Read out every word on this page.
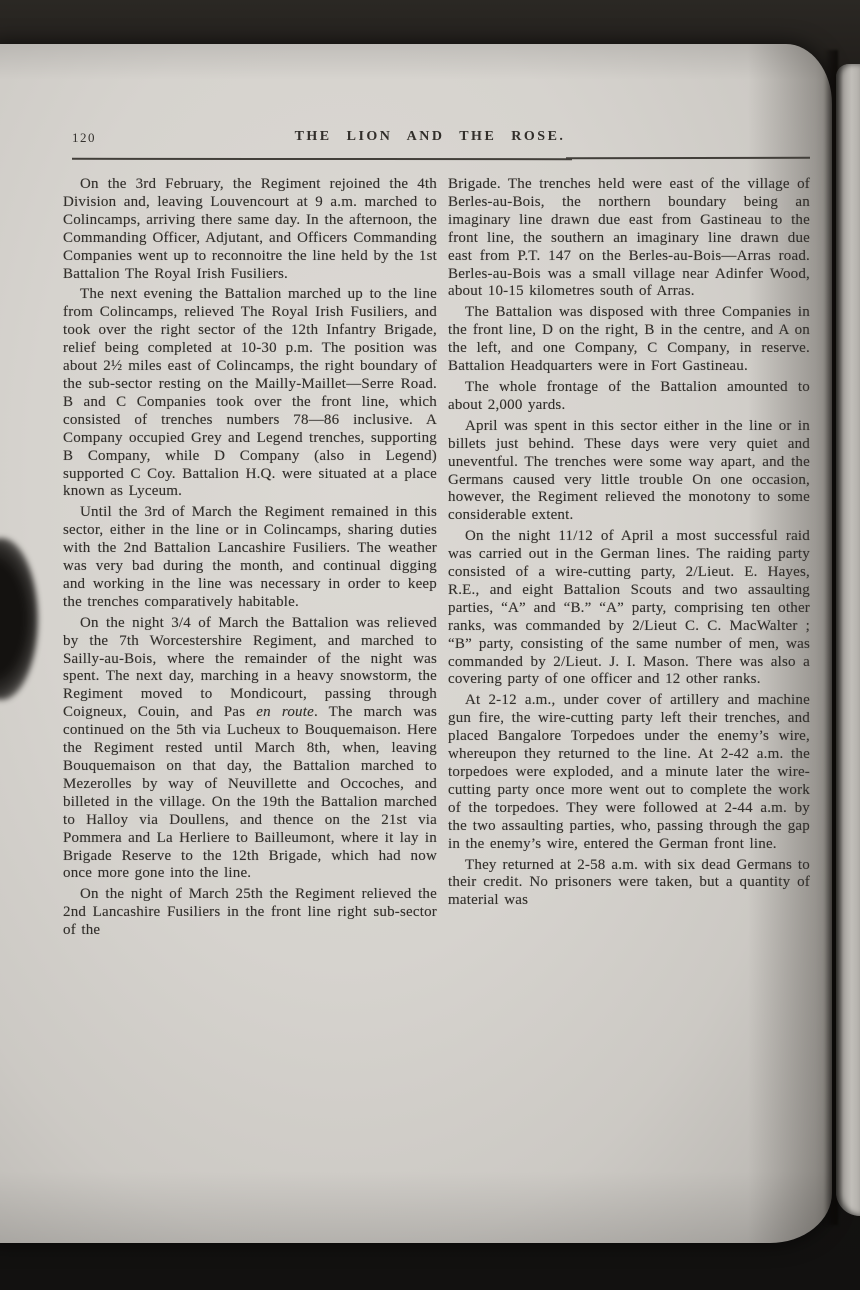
120	THE LION AND THE ROSE.

On the 3rd February, the Regiment rejoined the 4th Division and, leaving Louvencourt at 9 a.m. marched to Colincamps, arriving there same day. In the afternoon, the Commanding Officer, Adjutant, and Officers Commanding Companies went up to reconnoitre the line held by the 1st Battalion The Royal Irish Fusiliers.

The next evening the Battalion marched up to the line from Colincamps, relieved The Royal Irish Fusiliers, and took over the right sector of the 12th Infantry Brigade, relief being completed at 10-30 p.m. The position was about 2½ miles east of Colincamps, the right boundary of the sub-sector resting on the Mailly-Maillet—Serre Road. B and C Companies took over the front line, which consisted of trenches numbers 78—86 inclusive. A Company occupied Grey and Legend trenches, supporting B Company, while D Company (also in Legend) supported C Coy. Battalion H.Q. were situated at a place known as Lyceum.

Until the 3rd of March the Regiment remained in this sector, either in the line or in Colincamps, sharing duties with the 2nd Battalion Lancashire Fusiliers. The weather was very bad during the month, and continual digging and working in the line was necessary in order to keep the trenches comparatively habitable.

On the night 3/4 of March the Battalion was relieved by the 7th Worcestershire Regiment, and marched to Sailly-au-Bois, where the remainder of the night was spent. The next day, marching in a heavy snowstorm, the Regiment moved to Mondicourt, passing through Coigneux, Couin, and Pas en route. The march was continued on the 5th via Lucheux to Bouquemaison. Here the Regiment rested until March 8th, when, leaving Bouquemaison on that day, the Battalion marched to Mezerolles by way of Neuvillette and Occoches, and billeted in the village. On the 19th the Battalion marched to Halloy via Doullens, and thence on the 21st via Pommera and La Herliere to Bailleumont, where it lay in Brigade Reserve to the 12th Brigade, which had now once more gone into the line.

On the night of March 25th the Regiment relieved the 2nd Lancashire Fusiliers in the front line right sub-sector of the

Brigade. The trenches held were east of the village of Berles-au-Bois, the northern boundary being an imaginary line drawn due east from Gastineau to the front line, the southern an imaginary line drawn due east from P.T. 147 on the Berles-au-Bois—Arras road. Berles-au-Bois was a small village near Adinfer Wood, about 10-15 kilometres south of Arras.

The Battalion was disposed with three Companies in the front line, D on the right, B in the centre, and A on the left, and one Company, C Company, in reserve. Battalion Headquarters were in Fort Gastineau.

The whole frontage of the Battalion amounted to about 2,000 yards.

April was spent in this sector either in the line or in billets just behind. These days were very quiet and uneventful. The trenches were some way apart, and the Germans caused very little trouble On one occasion, however, the Regiment relieved the monotony to some considerable extent.

On the night 11/12 of April a most successful raid was carried out in the German lines. The raiding party consisted of a wire-cutting party, 2/Lieut. E. Hayes, R.E., and eight Battalion Scouts and two assaulting parties, “A” and “B.” “A” party, comprising ten other ranks, was commanded by 2/Lieut C. C. MacWalter ; “B” party, consisting of the same number of men, was commanded by 2/Lieut. J. I. Mason. There was also a covering party of one officer and 12 other ranks.

At 2-12 a.m., under cover of artillery and machine gun fire, the wire-cutting party left their trenches, and placed Bangalore Torpedoes under the enemy’s wire, whereupon they returned to the line. At 2-42 a.m. the torpedoes were exploded, and a minute later the wire-cutting party once more went out to complete the work of the torpedoes. They were followed at 2-44 a.m. by the two assaulting parties, who, passing through the gap in the enemy’s wire, entered the German front line.

They returned at 2-58 a.m. with six dead Germans to their credit. No prisoners were taken, but a quantity of material was
